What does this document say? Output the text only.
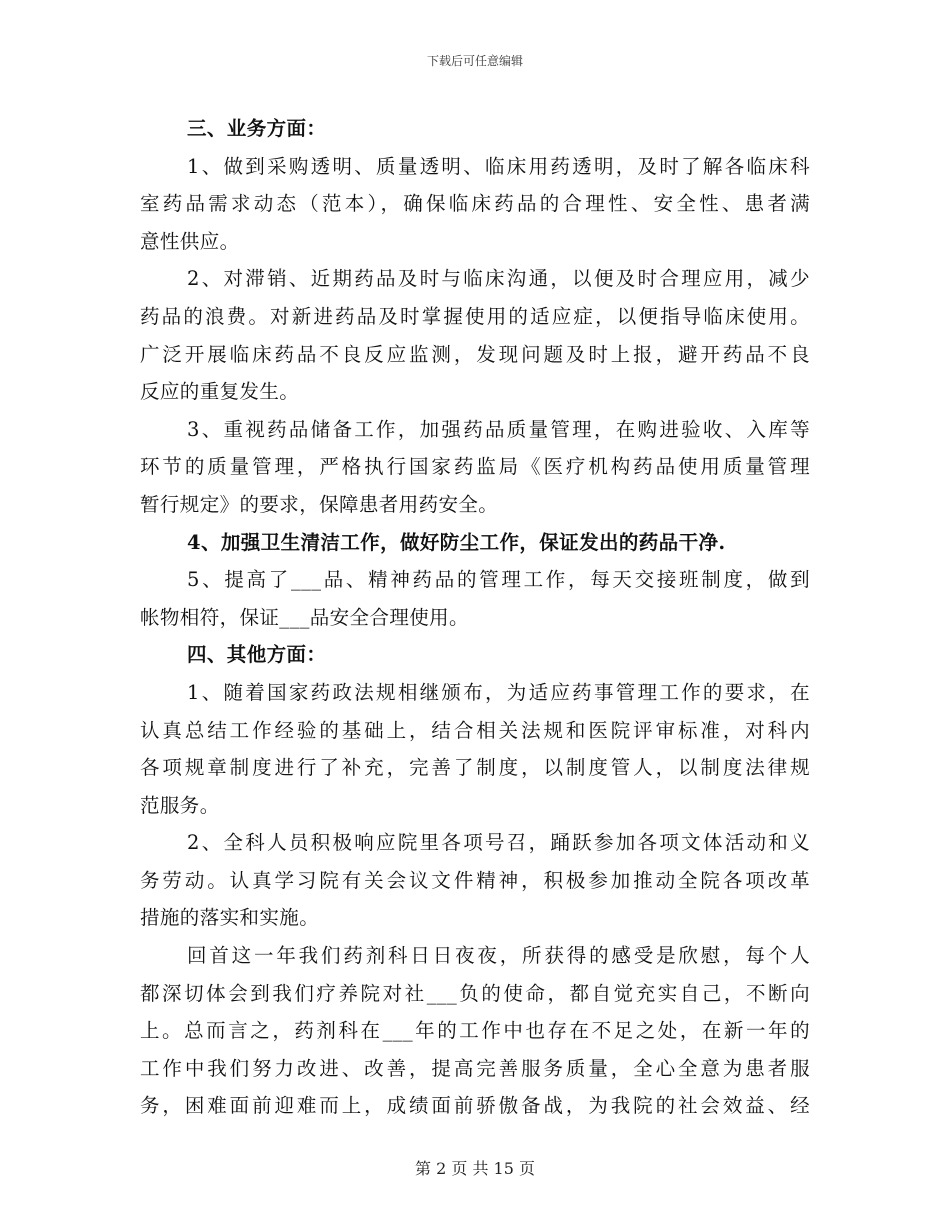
下载后可任意编辑
三、业务方面：
1、做到采购透明、质量透明、临床用药透明，及时了解各临床科
室药品需求动态（范本），确保临床药品的合理性、安全性、患者满
意性供应。
2、对滞销、近期药品及时与临床沟通，以便及时合理应用，减少
药品的浪费。对新进药品及时掌握使用的适应症，以便指导临床使用。
广泛开展临床药品不良反应监测，发现问题及时上报，避开药品不良
反应的重复发生。
3、重视药品储备工作，加强药品质量管理，在购进验收、入库等
环节的质量管理，严格执行国家药监局《医疗机构药品使用质量管理
暂行规定》的要求，保障患者用药安全。
4、加强卫生清洁工作，做好防尘工作，保证发出的药品干净.
5、提高了___品、精神药品的管理工作，每天交接班制度，做到
帐物相符，保证___品安全合理使用。
四、其他方面：
1、随着国家药政法规相继颁布，为适应药事管理工作的要求，在
认真总结工作经验的基础上，结合相关法规和医院评审标准，对科内
各项规章制度进行了补充，完善了制度，以制度管人，以制度法律规
范服务。
2、全科人员积极响应院里各项号召，踊跃参加各项文体活动和义
务劳动。认真学习院有关会议文件精神，积极参加推动全院各项改革
措施的落实和实施。
回首这一年我们药剂科日日夜夜，所获得的感受是欣慰，每个人
都深切体会到我们疗养院对社___负的使命，都自觉充实自己，不断向
上。总而言之，药剂科在___年的工作中也存在不足之处，在新一年的
工作中我们努力改进、改善，提高完善服务质量，全心全意为患者服
务，困难面前迎难而上，成绩面前骄傲备战，为我院的社会效益、经
第 2 页 共 15 页
